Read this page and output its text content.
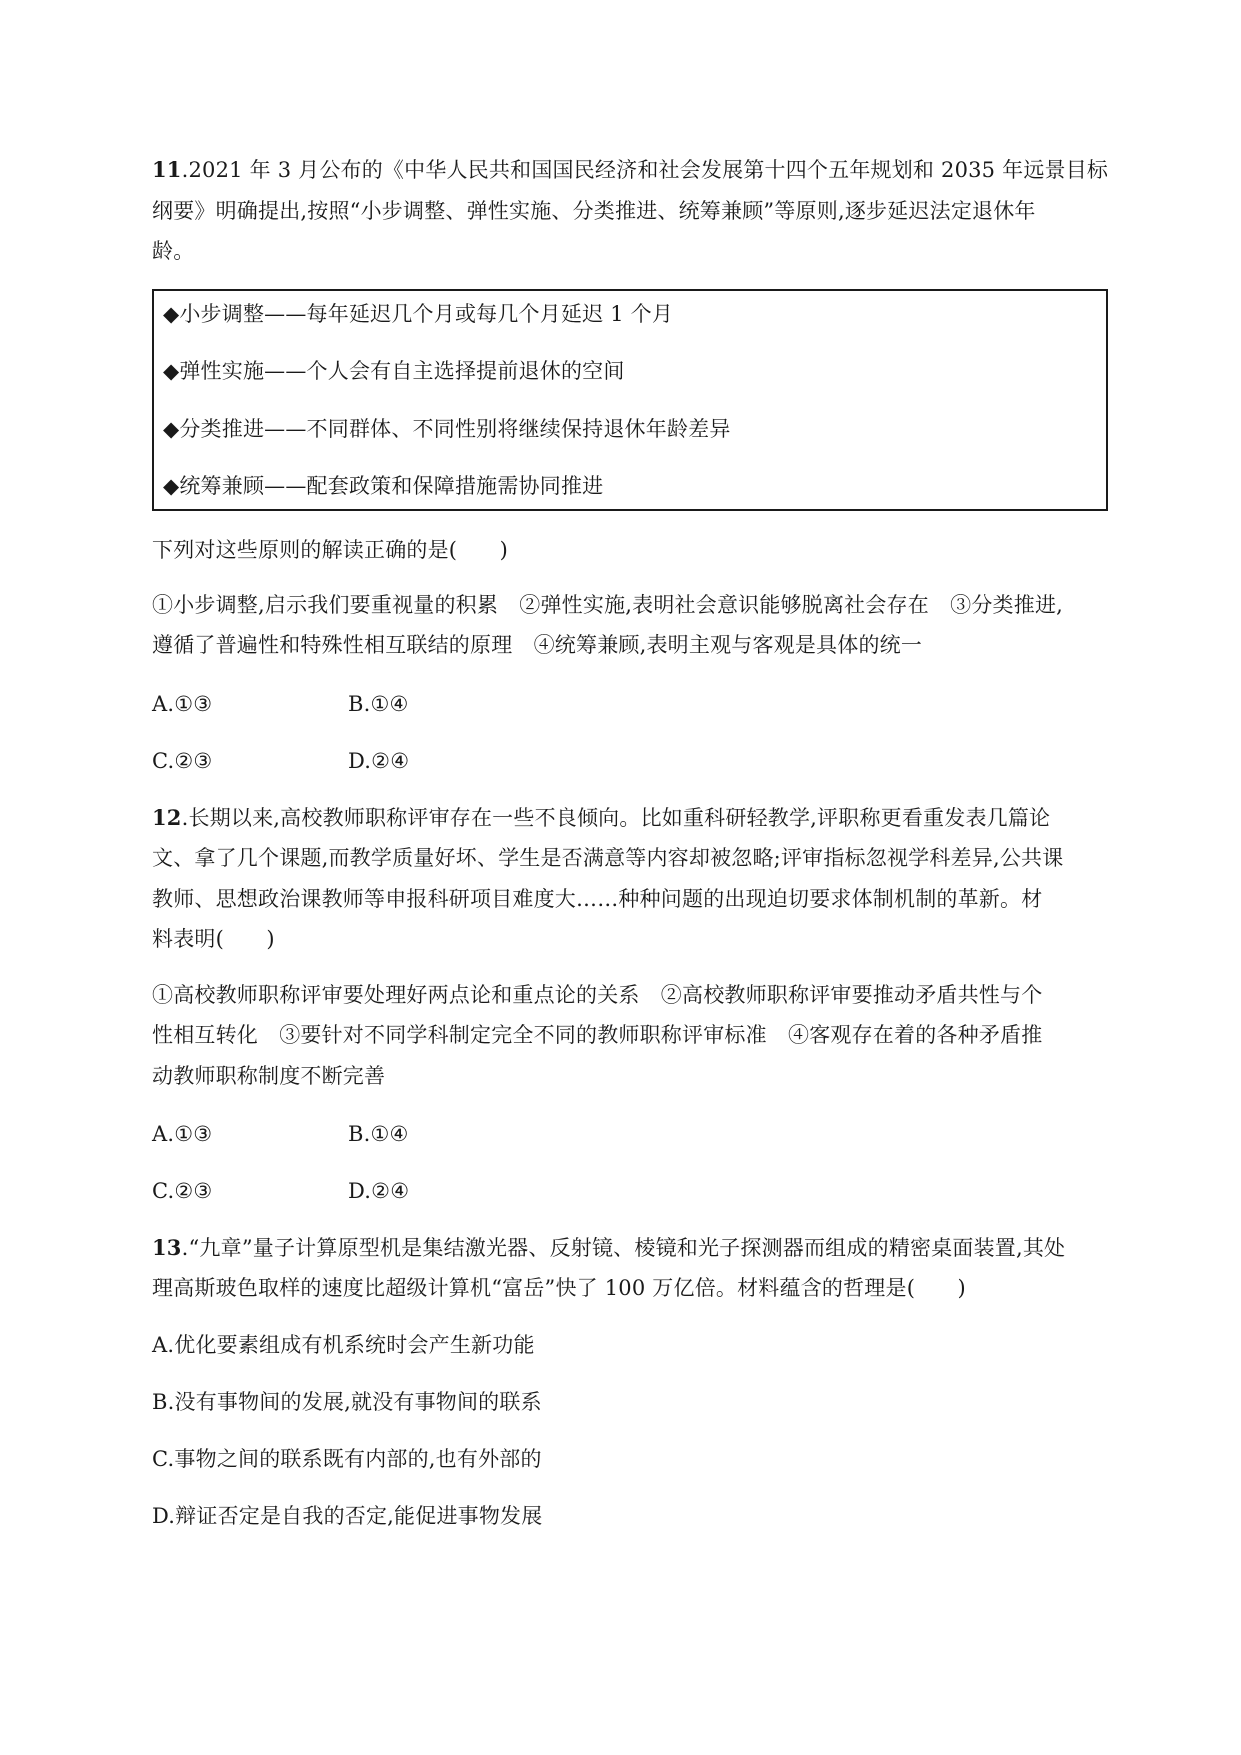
11.2021 年 3 月公布的《中华人民共和国国民经济和社会发展第十四个五年规划和 2035 年远景目标
纲要》明确提出,按照“小步调整、弹性实施、分类推进、统筹兼顾”等原则,逐步延迟法定退休年
龄。
◆小步调整——每年延迟几个月或每几个月延迟 1 个月
◆弹性实施——个人会有自主选择提前退休的空间
◆分类推进——不同群体、不同性别将继续保持退休年龄差异
◆统筹兼顾——配套政策和保障措施需协同推进
下列对这些原则的解读正确的是(　　)
①小步调整,启示我们要重视量的积累　②弹性实施,表明社会意识能够脱离社会存在　③分类推进,
遵循了普遍性和特殊性相互联结的原理　④统筹兼顾,表明主观与客观是具体的统一
A.①③	B.①④
C.②③	D.②④
12.长期以来,高校教师职称评审存在一些不良倾向。比如重科研轻教学,评职称更看重发表几篇论
文、拿了几个课题,而教学质量好坏、学生是否满意等内容却被忽略;评审指标忽视学科差异,公共课
教师、思想政治课教师等申报科研项目难度大……种种问题的出现迫切要求体制机制的革新。材
料表明(　　)
①高校教师职称评审要处理好两点论和重点论的关系　②高校教师职称评审要推动矛盾共性与个
性相互转化　③要针对不同学科制定完全不同的教师职称评审标准　④客观存在着的各种矛盾推
动教师职称制度不断完善
A.①③	B.①④
C.②③	D.②④
13.“九章”量子计算原型机是集结激光器、反射镜、棱镜和光子探测器而组成的精密桌面装置,其处
理高斯玻色取样的速度比超级计算机“富岳”快了 100 万亿倍。材料蕴含的哲理是(　　)
A.优化要素组成有机系统时会产生新功能
B.没有事物间的发展,就没有事物间的联系
C.事物之间的联系既有内部的,也有外部的
D.辩证否定是自我的否定,能促进事物发展
